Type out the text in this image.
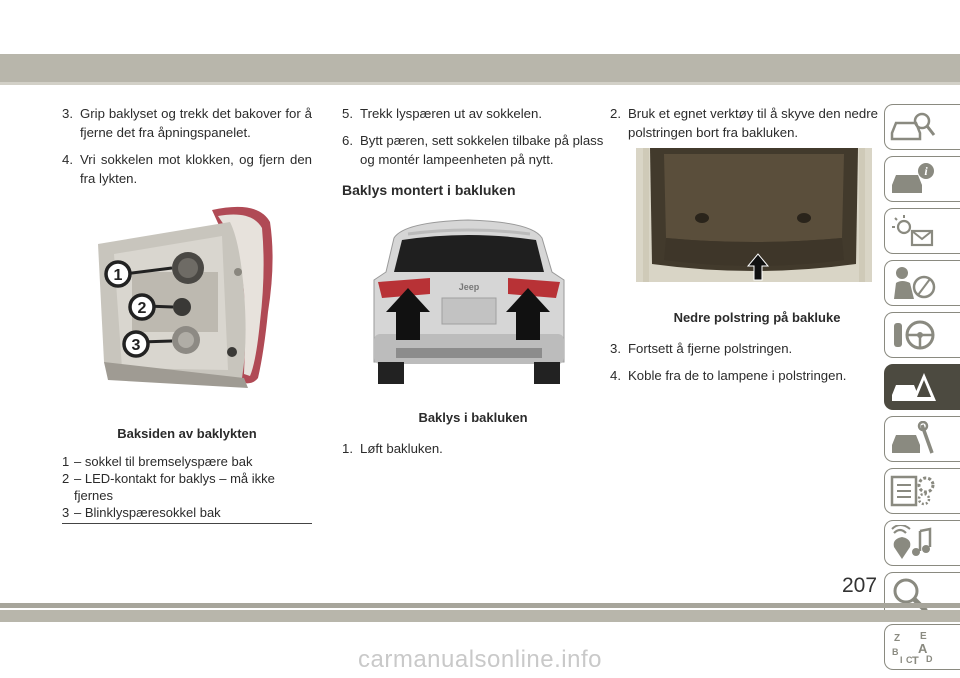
3. Grip baklyset og trekk det bakover for å fjerne det fra åpningspanelet.
4. Vri sokkelen mot klokken, og fjern den fra lykten.
1
2
3
Baksiden av baklykten
1 – sokkel til bremselyspære bak
2 – LED-kontakt for baklys – må ikke fjernes
3 – Blinklyspæresokkel bak
5. Trekk lyspæren ut av sokkelen.
6. Bytt pæren, sett sokkelen tilbake på plass og montér lampeenheten på nytt.
Baklys montert i bakluken
Jeep
Baklys i bakluken
1. Løft bakluken.
2. Bruk et egnet verktøy til å skyve den nedre polstringen bort fra bakluken.
Nedre polstring på bakluke
3. Fortsett å fjerne polstringen.
4. Koble fra de to lampene i polstringen.
i
Z E
B A
I C T D
207
carmanualsonline.info
